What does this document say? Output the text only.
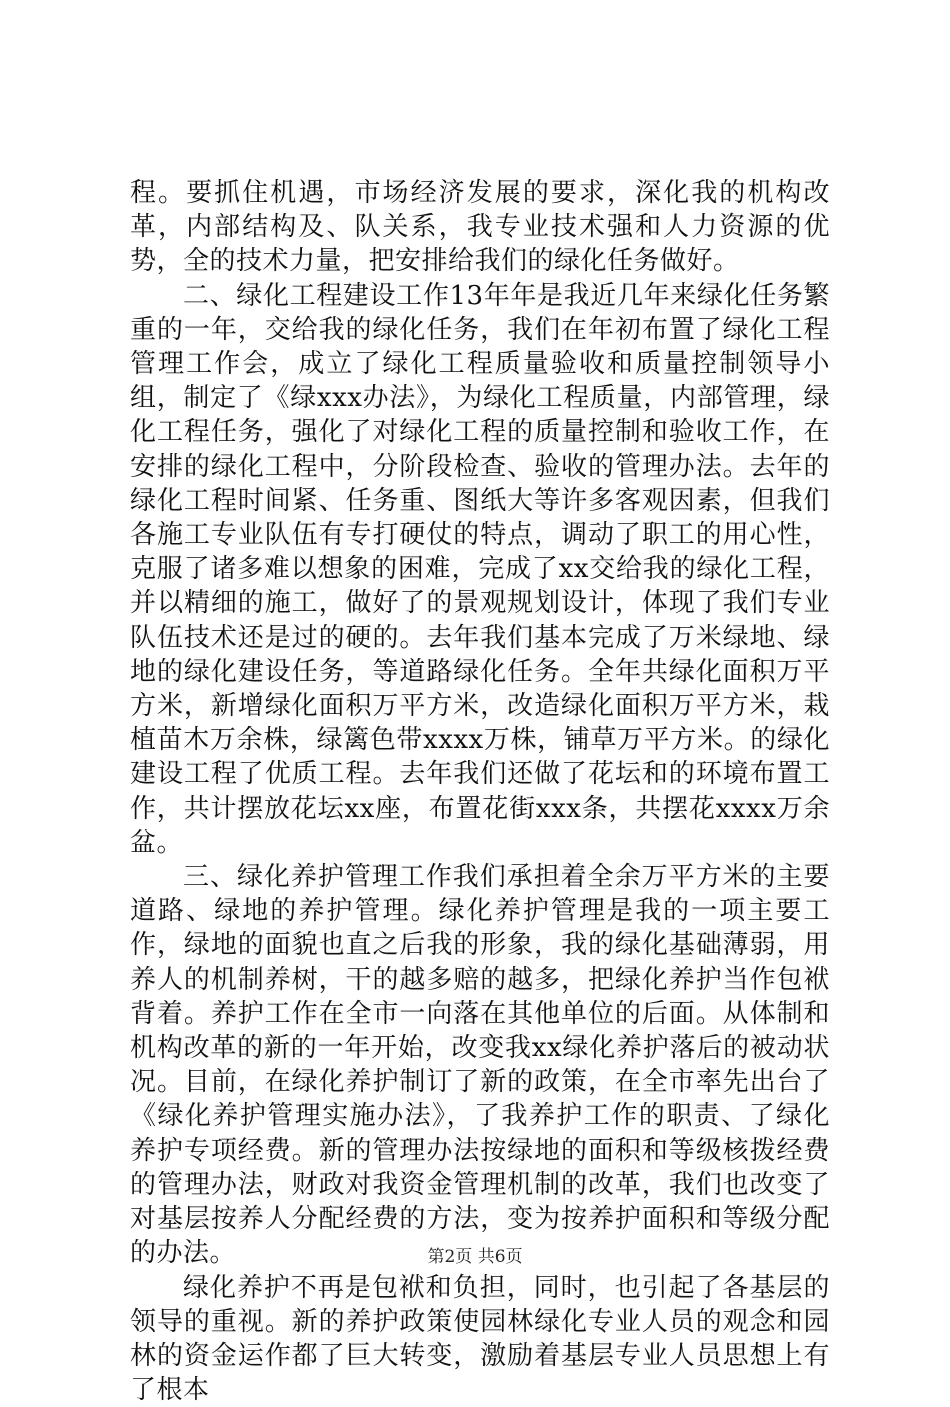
程。要抓住机遇，市场经济发展的要求，深化我的机构改革，内部结构及、队关系，我专业技术强和人力资源的优势，全的技术力量，把安排给我们的绿化任务做好。

二、绿化工程建设工作13年年是我近几年来绿化任务繁重的一年，交给我的绿化任务，我们在年初布置了绿化工程管理工作会，成立了绿化工程质量验收和质量控制领导小组，制定了《绿xxx办法》，为绿化工程质量，内部管理，绿化工程任务，强化了对绿化工程的质量控制和验收工作，在安排的绿化工程中，分阶段检查、验收的管理办法。去年的绿化工程时间紧、任务重、图纸大等许多客观因素，但我们各施工专业队伍有专打硬仗的特点，调动了职工的用心性，克服了诸多难以想象的困难，完成了xx交给我的绿化工程，并以精细的施工，做好了的景观规划设计，体现了我们专业队伍技术还是过的硬的。去年我们基本完成了万米绿地、绿地的绿化建设任务，等道路绿化任务。全年共绿化面积万平方米，新增绿化面积万平方米，改造绿化面积万平方米，栽植苗木万余株，绿篱色带xxxx万株，铺草万平方米。的绿化建设工程了优质工程。去年我们还做了花坛和的环境布置工作，共计摆放花坛xx座，布置花街xxx条，共摆花xxxx万余盆。

三、绿化养护管理工作我们承担着全余万平方米的主要道路、绿地的养护管理。绿化养护管理是我的一项主要工作，绿地的面貌也直之后我的形象，我的绿化基础薄弱，用养人的机制养树，干的越多赔的越多，把绿化养护当作包袱背着。养护工作在全市一向落在其他单位的后面。从体制和机构改革的新的一年开始，改变我xx绿化养护落后的被动状况。目前，在绿化养护制订了新的政策，在全市率先出台了《绿化养护管理实施办法》，了我养护工作的职责、了绿化养护专项经费。新的管理办法按绿地的面积和等级核拨经费的管理办法，财政对我资金管理机制的改革，我们也改变了对基层按养人分配经费的方法，变为按养护面积和等级分配的办法。

绿化养护不再是包袱和负担，同时，也引起了各基层的领导的重视。新的养护政策使园林绿化专业人员的观念和园林的资金运作都了巨大转变，激励着基层专业人员思想上有了根本

第2页 共6页
